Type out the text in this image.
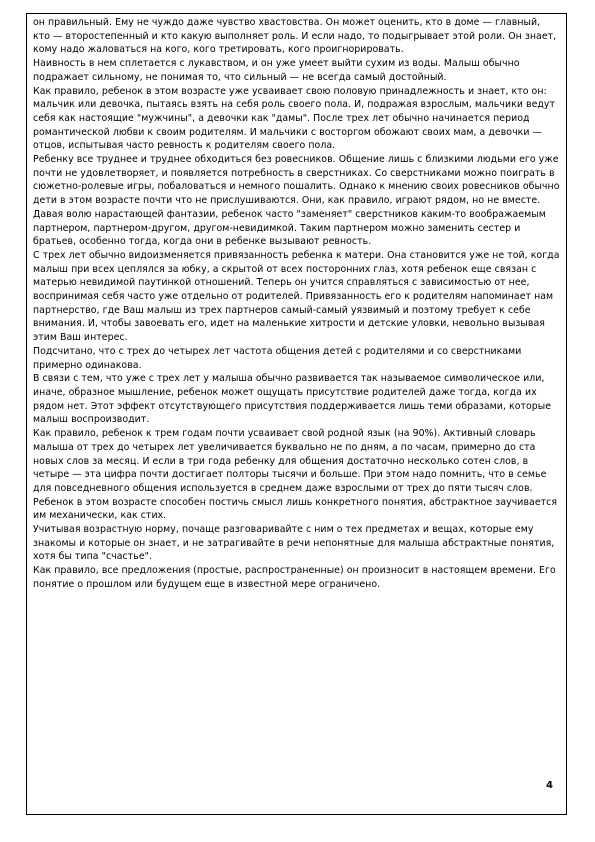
он правильный. Ему не чуждо даже чувство хвастовства. Он может оценить, кто в доме — главный, кто — второстепенный и кто какую выполняет роль. И если надо, то подыгрывает этой роли. Он знает, кому надо жаловаться на кого, кого третировать, кого проигнорировать.

Наивность в нем сплетается с лукавством, и он уже умеет выйти сухим из воды. Малыш обычно подражает сильному, не понимая то, что сильный — не всегда самый достойный.

Как правило, ребенок в этом возрасте уже усваивает свою половую принадлежность и знает, кто он: мальчик или девочка, пытаясь взять на себя роль своего пола. И, подражая взрослым, мальчики ведут себя как настоящие "мужчины", а девочки как "дамы". После трех лет обычно начинается период романтической любви к своим родителям. И мальчики с восторгом обожают своих мам, а девочки — отцов, испытывая часто ревность к родителям своего пола.

Ребенку все труднее и труднее обходиться без ровесников. Общение лишь с близкими людьми его уже почти не удовлетворяет, и появляется потребность в сверстниках. Со сверстниками можно поиграть в сюжетно-ролевые игры, побаловаться и немного пошалить. Однако к мнению своих ровесников обычно дети в этом возрасте почти что не прислушиваются. Они, как правило, играют рядом, но не вместе. Давая волю нарастающей фантазии, ребенок часто "заменяет" сверстников каким-то воображаемым партнером, партнером-другом, другом-невидимкой. Таким партнером можно заменить сестер и братьев, особенно тогда, когда они в ребенке вызывают ревность.

С трех лет обычно видоизменяется привязанность ребенка к матери. Она становится уже не той, когда малыш при всех цеплялся за юбку, а скрытой от всех посторонних глаз, хотя ребенок еще связан с матерью невидимой паутинкой отношений. Теперь он учится справляться с зависимостью от нее, воспринимая себя часто уже отдельно от родителей. Привязанность его к родителям напоминает нам партнерство, где Ваш малыш из трех партнеров самый-самый уязвимый и поэтому требует к себе внимания. И, чтобы завоевать его, идет на маленькие хитрости и детские уловки, невольно вызывая этим Ваш интерес.

Подсчитано, что с трех до четырех лет частота общения детей с родителями и со сверстниками примерно одинакова.

В связи с тем, что уже с трех лет у малыша обычно развивается так называемое символическое или, иначе, образное мышление, ребенок может ощущать присутствие родителей даже тогда, когда их рядом нет. Этот эффект отсутствующего присутствия поддерживается лишь теми образами, которые малыш воспроизводит.

Как правило, ребенок к трем годам почти усваивает свой родной язык (на 90%). Активный словарь малыша от трех до четырех лет увеличивается буквально не по дням, а по часам, примерно до ста новых слов за месяц. И если в три года ребенку для общения достаточно несколько сотен слов, в четыре — эта цифра почти достигает полторы тысячи и больше. При этом надо помнить, что в семье для повседневного общения используется в среднем даже взрослыми от трех до пяти тысяч слов.

Ребенок в этом возрасте способен постичь смысл лишь конкретного понятия, абстрактное заучивается им механически, как стих.

Учитывая возрастную норму, почаще разговаривайте с ним о тех предметах и вещах, которые ему знакомы и которые он знает, и не затрагивайте в речи непонятные для малыша абстрактные понятия, хотя бы типа "счастье".

Как правило, все предложения (простые, распространенные) он произносит в настоящем времени. Его понятие о прошлом или будущем еще в известной мере ограничено.

4
